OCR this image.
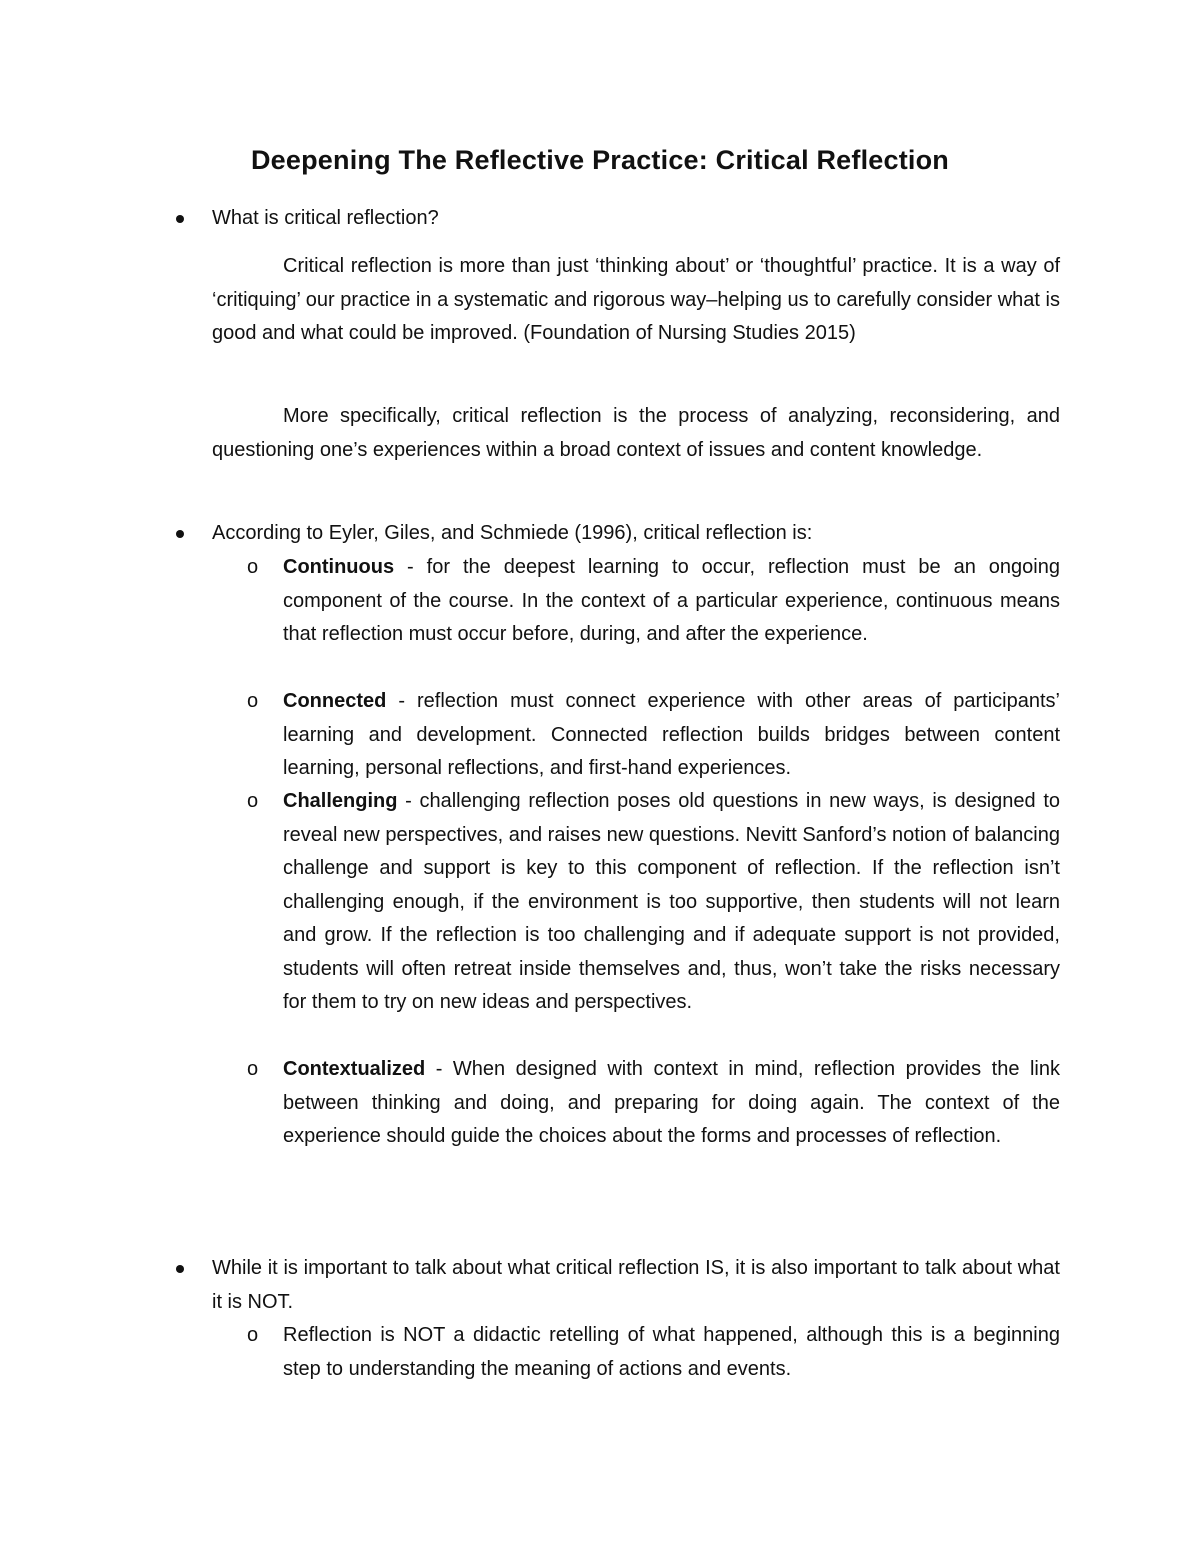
Deepening The Reflective Practice: Critical Reflection
What is critical reflection?
Critical reflection is more than just ‘thinking about’ or ‘thoughtful’ practice. It is a way of ‘critiquing’ our practice in a systematic and rigorous way–helping us to carefully consider what is good and what could be improved. (Foundation of Nursing Studies 2015)
More specifically, critical reflection is the process of analyzing, reconsidering, and questioning one’s experiences within a broad context of issues and content knowledge.
According to Eyler, Giles, and Schmiede (1996), critical reflection is:
o Continuous - for the deepest learning to occur, reflection must be an ongoing component of the course. In the context of a particular experience, continuous means that reflection must occur before, during, and after the experience.
o Connected - reflection must connect experience with other areas of participants’ learning and development. Connected reflection builds bridges between content learning, personal reflections, and first-hand experiences.
o Challenging - challenging reflection poses old questions in new ways, is designed to reveal new perspectives, and raises new questions. Nevitt Sanford’s notion of balancing challenge and support is key to this component of reflection. If the reflection isn’t challenging enough, if the environment is too supportive, then students will not learn and grow. If the reflection is too challenging and if adequate support is not provided, students will often retreat inside themselves and, thus, won’t take the risks necessary for them to try on new ideas and perspectives.
o Contextualized - When designed with context in mind, reflection provides the link between thinking and doing, and preparing for doing again. The context of the experience should guide the choices about the forms and processes of reflection.
While it is important to talk about what critical reflection IS, it is also important to talk about what it is NOT.
o Reflection is NOT a didactic retelling of what happened, although this is a beginning step to understanding the meaning of actions and events.
